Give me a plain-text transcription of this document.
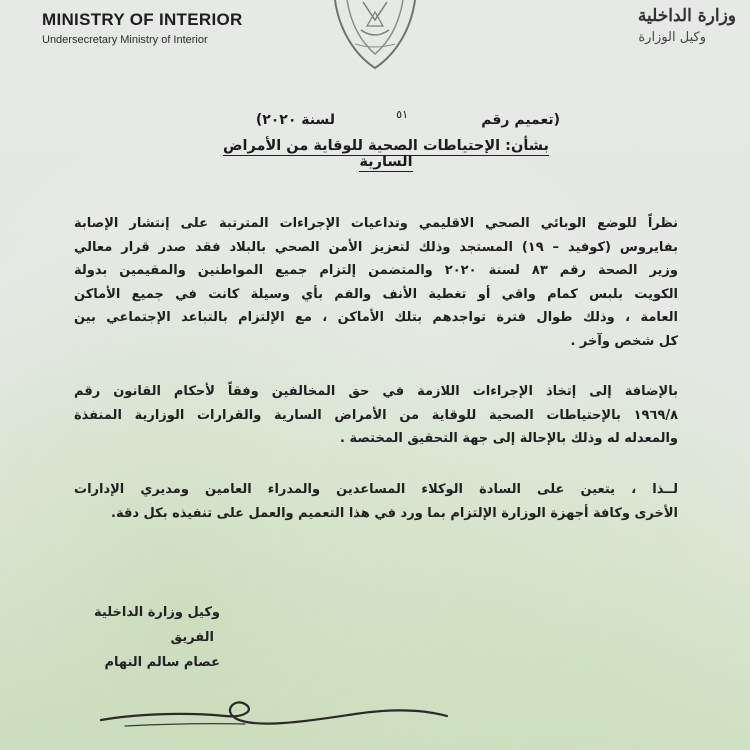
MINISTRY OF INTERIOR
Undersecretary Ministry of Interior
وزارة الداخلية
وكيل الوزارة
(تعميم رقم
٥١
لسنة ٢٠٢٠)
بشأن: الإحتياطات الصحية للوقاية من الأمراض السارية
نظراً للوضع الوبائي الصحي الاقليمي وتداعيات الإجراءات المترتبة على إنتشار الإصابة
بفايروس (كوفيد – ١٩) المستجد وذلك لتعزيز الأمن الصحي بالبلاد فقد صدر قرار معالي
وزير الصحة رقم ٨٣ لسنة ٢٠٢٠ والمتضمن إلتزام جميع المواطنين والمقيمين بدولة
الكويت بلبس كمام واقي أو تغطية الأنف والفم بأي وسيلة كانت في جميع الأماكن
العامة ، وذلك طوال فترة تواجدهم بتلك الأماكن ، مع الإلتزام بالتباعد الإجتماعي بين
كل شخص وآخر .
بالإضافة إلى إتخاذ الإجراءات اللازمة في حق المخالفين وفقاً لأحكام القانون رقم
١٩٦٩/٨ بالإحتياطات الصحية للوقاية من الأمراض السارية والقرارات الوزارية المنفذة
والمعدله له وذلك بالإحالة إلى جهة التحقيق المختصة .
لــذا ، يتعين على السادة الوكلاء المساعدين والمدراء العامين ومديري الإدارات
الأخرى وكافة أجهزة الوزارة الإلتزام بما ورد في هذا التعميم والعمل على تنفيذه بكل دقة.
وكيل وزارة الداخلية
الفريق
عصام سالم النهام
